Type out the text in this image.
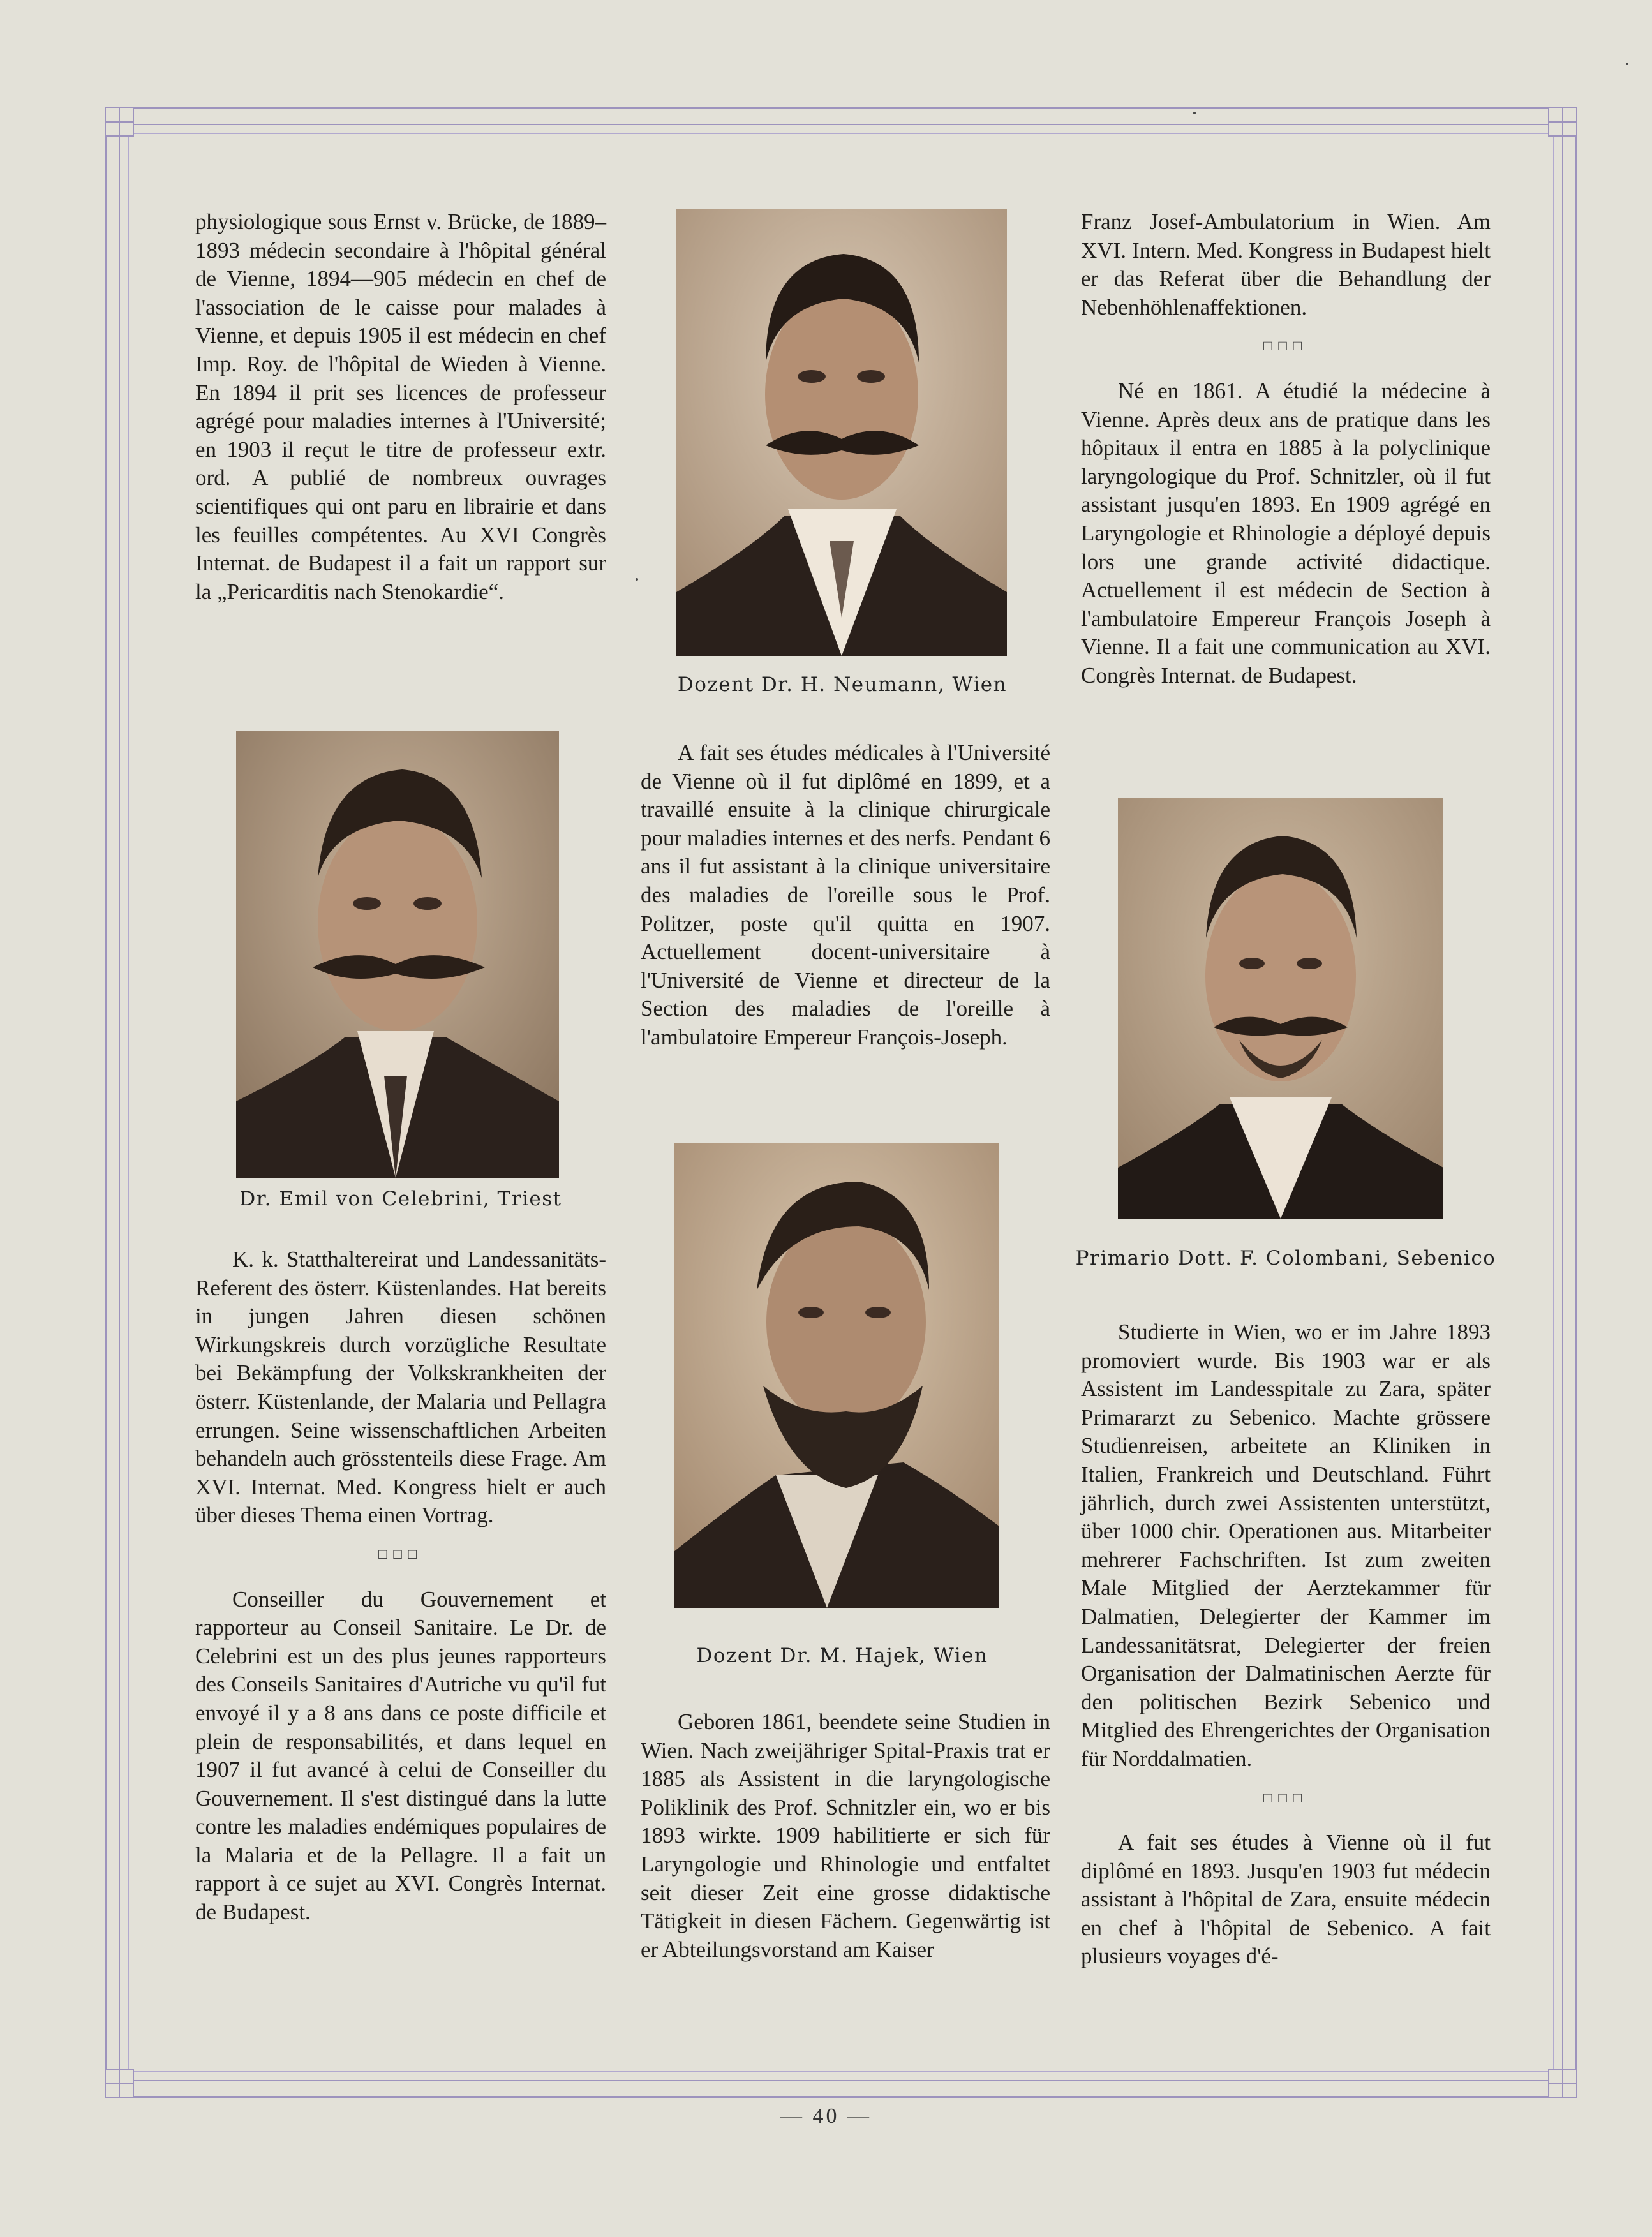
physiologique sous Ernst v. Brücke, de 1889–1893 médecin secondaire à l'hôpital général de Vienne, 1894—905 médecin en chef de l'association de le caisse pour malades à Vienne, et depuis 1905 il est médecin en chef Imp. Roy. de l'hôpital de Wieden à Vienne. En 1894 il prit ses licences de professeur agrégé pour maladies internes à l'Université; en 1903 il reçut le titre de professeur extr. ord. A publié de nombreux ouvrages scientifiques qui ont paru en librairie et dans les feuilles compétentes. Au XVI Congrès Internat. de Budapest il a fait un rapport sur la „Pericarditis nach Stenokardie“.

Dr. Emil von Celebrini, Triest

K. k. Statthaltereirat und Landessanitäts-Referent des österr. Küstenlandes. Hat bereits in jungen Jahren diesen schönen Wirkungskreis durch vorzügliche Resultate bei Bekämpfung der Volkskrankheiten der österr. Küstenlande, der Malaria und Pellagra errungen. Seine wissenschaftlichen Arbeiten behandeln auch grösstenteils diese Frage. Am XVI. Internat. Med. Kongress hielt er auch über dieses Thema einen Vortrag.

□□□

Conseiller du Gouvernement et rapporteur au Conseil Sanitaire. Le Dr. de Celebrini est un des plus jeunes rapporteurs des Conseils Sanitaires d'Autriche vu qu'il fut envoyé il y a 8 ans dans ce poste difficile et plein de responsabilités, et dans lequel en 1907 il fut avancé à celui de Conseiller du Gouvernement. Il s'est distingué dans la lutte contre les maladies endémiques populaires de la Malaria et de la Pellagre. Il a fait un rapport à ce sujet au XVI. Congrès Internat. de Budapest.

Dozent Dr. H. Neumann, Wien

A fait ses études médicales à l'Université de Vienne où il fut diplômé en 1899, et a travaillé ensuite à la clinique chirurgicale pour maladies internes et des nerfs. Pendant 6 ans il fut assistant à la clinique universitaire des maladies de l'oreille sous le Prof. Politzer, poste qu'il quitta en 1907. Actuellement docent-universitaire à l'Université de Vienne et directeur de la Section des maladies de l'oreille à l'ambulatoire Empereur François-Joseph.

Dozent Dr. M. Hajek, Wien

Geboren 1861, beendete seine Studien in Wien. Nach zweijähriger Spital-Praxis trat er 1885 als Assistent in die laryngologische Poliklinik des Prof. Schnitzler ein, wo er bis 1893 wirkte. 1909 habilitierte er sich für Laryngologie und Rhinologie und entfaltet seit dieser Zeit eine grosse didaktische Tätigkeit in diesen Fächern. Gegenwärtig ist er Abteilungsvorstand am Kaiser

Franz Josef-Ambulatorium in Wien. Am XVI. Intern. Med. Kongress in Budapest hielt er das Referat über die Behandlung der Nebenhöhlenaffektionen.

□□□

Né en 1861. A étudié la médecine à Vienne. Après deux ans de pratique dans les hôpitaux il entra en 1885 à la polyclinique laryngologique du Prof. Schnitzler, où il fut assistant jusqu'en 1893. En 1909 agrégé en Laryngologie et Rhinologie a déployé depuis lors une grande activité didactique. Actuellement il est médecin de Section à l'ambulatoire Empereur François Joseph à Vienne. Il a fait une communication au XVI. Congrès Internat. de Budapest.

Primario Dott. F. Colombani, Sebenico

Studierte in Wien, wo er im Jahre 1893 promoviert wurde. Bis 1903 war er als Assistent im Landesspitale zu Zara, später Primararzt zu Sebenico. Machte grössere Studienreisen, arbeitete an Kliniken in Italien, Frankreich und Deutschland. Führt jährlich, durch zwei Assistenten unterstützt, über 1000 chir. Operationen aus. Mitarbeiter mehrerer Fachschriften. Ist zum zweiten Male Mitglied der Aerztekammer für Dalmatien, Delegierter der Kammer im Landessanitätsrat, Delegierter der freien Organisation der Dalmatinischen Aerzte für den politischen Bezirk Sebenico und Mitglied des Ehrengerichtes der Organisation für Norddalmatien.

□□□

A fait ses études à Vienne où il fut diplômé en 1893. Jusqu'en 1903 fut médecin assistant à l'hôpital de Zara, ensuite médecin en chef à l'hôpital de Sebenico. A fait plusieurs voyages d'é-

— 40 —
